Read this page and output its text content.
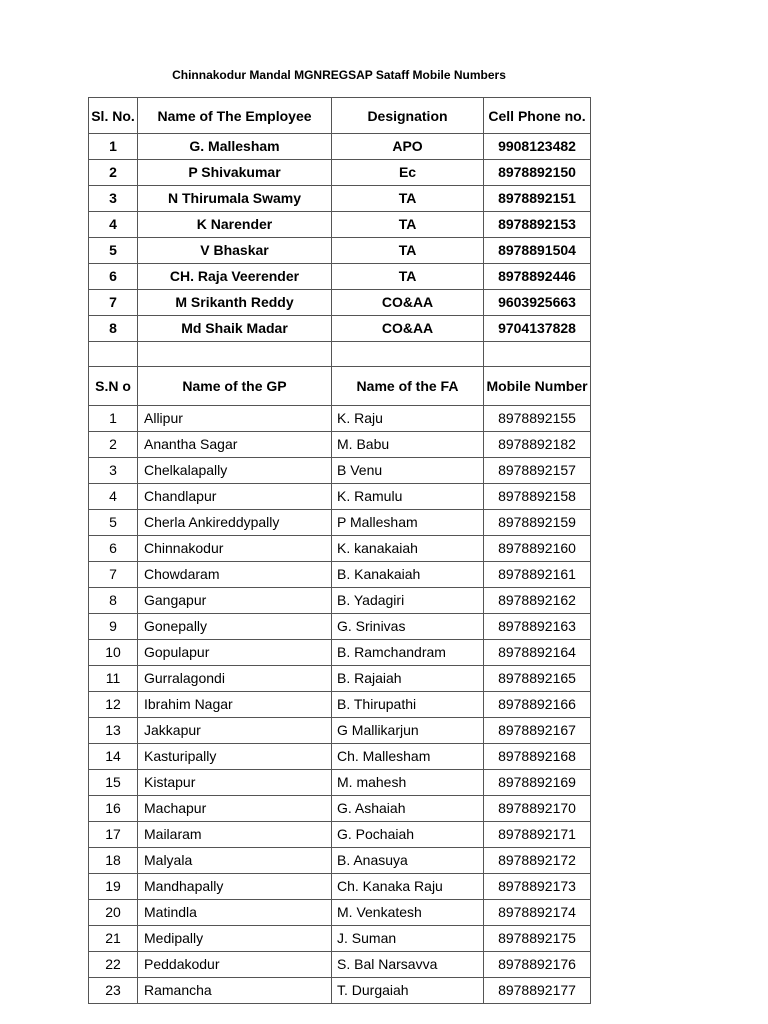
Chinnakodur Mandal MGNREGSAP Sataff Mobile Numbers
Sl. No.	Name of The Employee	Designation	Cell Phone no.
1	G. Mallesham	APO	9908123482
2	P Shivakumar	Ec	8978892150
3	N Thirumala Swamy	TA	8978892151
4	K Narender	TA	8978892153
5	V Bhaskar	TA	8978891504
6	CH. Raja Veerender	TA	8978892446
7	M Srikanth Reddy	CO&AA	9603925663
8	Md Shaik Madar	CO&AA	9704137828

S.N o	Name of the GP	Name of the FA	Mobile Number
1	Allipur	K. Raju	8978892155
2	Anantha Sagar	M. Babu	8978892182
3	Chelkalapally	B Venu	8978892157
4	Chandlapur	K. Ramulu	8978892158
5	Cherla Ankireddypally	P Mallesham	8978892159
6	Chinnakodur	K. kanakaiah	8978892160
7	Chowdaram	B. Kanakaiah	8978892161
8	Gangapur	B. Yadagiri	8978892162
9	Gonepally	G. Srinivas	8978892163
10	Gopulapur	B. Ramchandram	8978892164
11	Gurralagondi	B. Rajaiah	8978892165
12	Ibrahim Nagar	B. Thirupathi	8978892166
13	Jakkapur	G Mallikarjun	8978892167
14	Kasturipally	Ch. Mallesham	8978892168
15	Kistapur	M. mahesh	8978892169
16	Machapur	G. Ashaiah	8978892170
17	Mailaram	G. Pochaiah	8978892171
18	Malyala	B. Anasuya	8978892172
19	Mandhapally	Ch. Kanaka Raju	8978892173
20	Matindla	M. Venkatesh	8978892174
21	Medipally	J. Suman	8978892175
22	Peddakodur	S. Bal Narsavva	8978892176
23	Ramancha	T. Durgaiah	8978892177
